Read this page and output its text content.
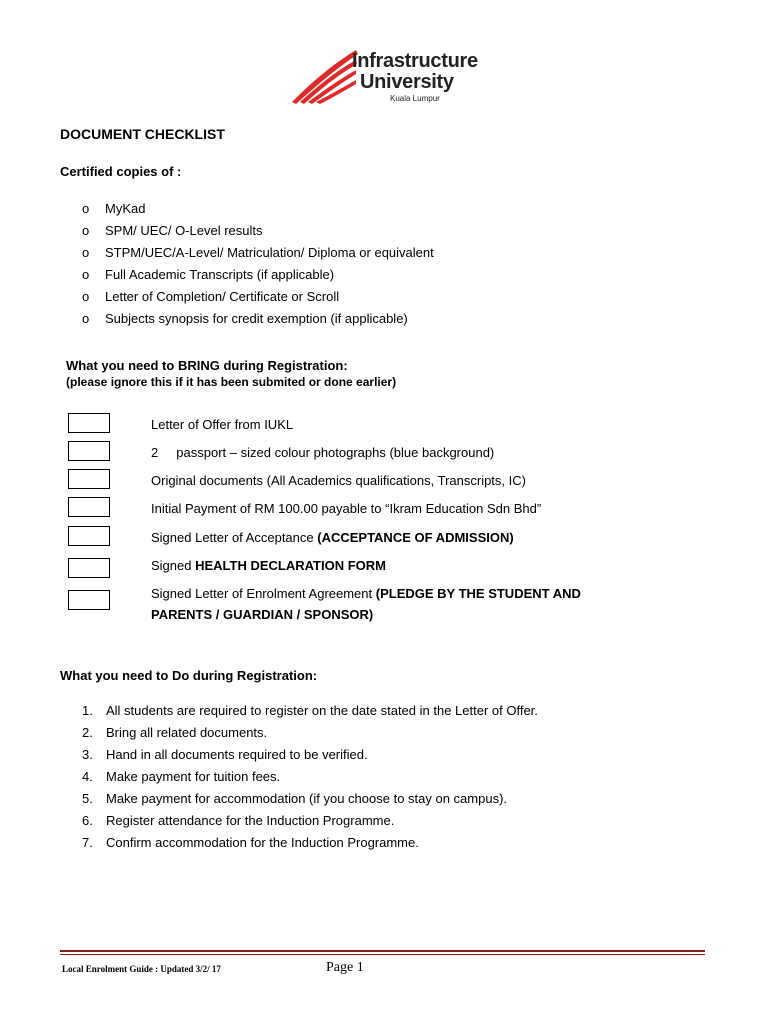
Infrastructure
University
Kuala Lumpur
DOCUMENT CHECKLIST
Certified copies of :
o	MyKad
o	SPM/ UEC/ O-Level results
o	STPM/UEC/A-Level/ Matriculation/ Diploma or equivalent
o	Full Academic Transcripts (if applicable)
o	Letter of Completion/ Certificate or Scroll
o	Subjects synopsis for credit exemption (if applicable)
What you need to BRING during Registration:
(please ignore this if it has been submited or done earlier)
Letter of Offer from IUKL
2     passport – sized colour photographs (blue background)
Original documents (All Academics qualifications, Transcripts, IC)
Initial Payment of RM 100.00 payable to “Ikram Education Sdn Bhd”
Signed Letter of Acceptance (ACCEPTANCE OF ADMISSION)
Signed HEALTH DECLARATION FORM
Signed Letter of Enrolment Agreement (PLEDGE BY THE STUDENT AND
PARENTS / GUARDIAN / SPONSOR)
What you need to Do during Registration:
1.	All students are required to register on the date stated in the Letter of Offer.
2.	Bring all related documents.
3.	Hand in all documents required to be verified.
4.	Make payment for tuition fees.
5.	Make payment for accommodation (if you choose to stay on campus).
6.	Register attendance for the Induction Programme.
7.	Confirm accommodation for the Induction Programme.
Local Enrolment Guide : Updated 3/2/ 17	Page 1
